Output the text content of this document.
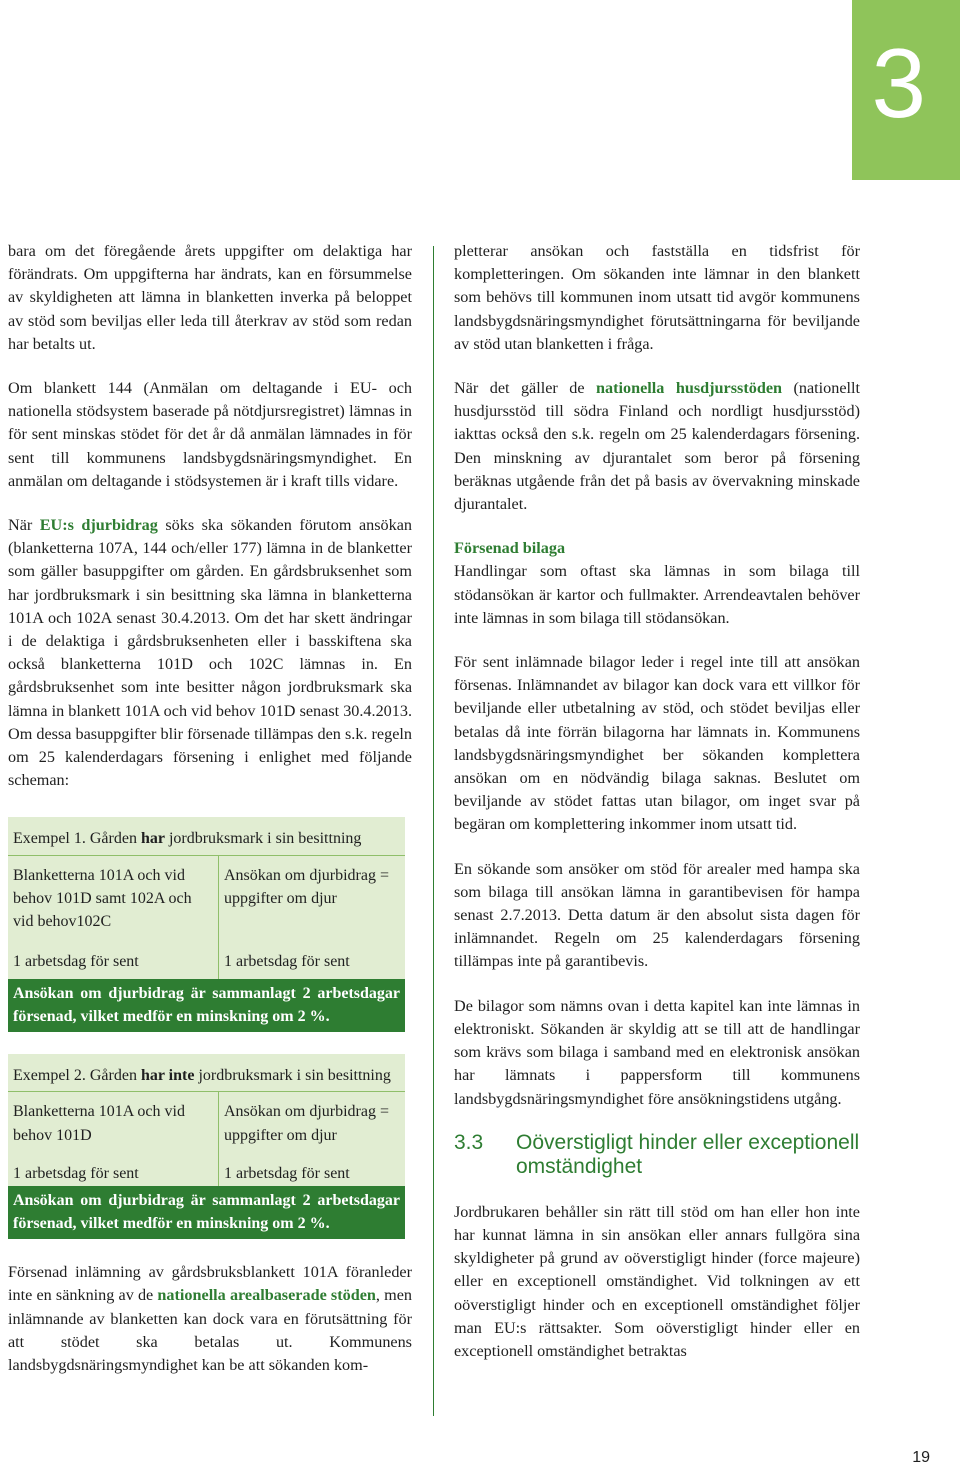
3

bara om det föregående årets uppgifter om delaktiga har förändrats. Om uppgifterna har ändrats, kan en försummelse av skyldigheten att lämna in blanketten inverka på beloppet av stöd som beviljas eller leda till återkrav av stöd som redan har betalts ut.

Om blankett 144 (Anmälan om deltagande i EU- och nationella stödsystem baserade på nötdjursregistret) lämnas in för sent minskas stödet för det år då anmälan lämnades in för sent till kommunens landsbygdsnäringsmyndighet. En anmälan om deltagande i stödsystemen är i kraft tills vidare.

När EU:s djurbidrag söks ska sökanden förutom ansökan (blanketterna 107A, 144 och/eller 177) lämna in de blanketter som gäller basuppgifter om gården. En gårdsbruksenhet som har jordbruksmark i sin besittning ska lämna in blanketterna 101A och 102A senast 30.4.2013. Om det har skett ändringar i de delaktiga i gårdsbruksenheten eller i basskiftena ska också blanketterna 101D och 102C lämnas in. En gårdsbruksenhet som inte besitter någon jordbruksmark ska lämna in blankett 101A och vid behov 101D senast 30.4.2013. Om dessa basuppgifter blir försenade tillämpas den s.k. regeln om 25 kalenderdagars försening i enlighet med följande scheman:

Exempel 1. Gården har jordbruksmark i sin besittning	
Blanketterna 101A och vid behov 101D samt 102A och vid behov102C	Ansökan om djurbidrag = uppgifter om djur
1 arbetsdag för sent	1 arbetsdag för sent
Ansökan om djurbidrag är sammanlagt 2 arbetsdagar försenad, vilket medför en minskning om 2 %.	
Exempel 2. Gården har inte jordbruksmark i sin besittning	
Blanketterna 101A och vid behov 101D	Ansökan om djurbidrag = uppgifter om djur
1 arbetsdag för sent	1 arbetsdag för sent
Ansökan om djurbidrag är sammanlagt 2 arbetsdagar försenad, vilket medför en minskning om 2 %.	

Försenad inlämning av gårdsbruksblankett 101A föranleder inte en sänkning av de nationella arealbaserade stöden, men inlämnande av blanketten kan dock vara en förutsättning för att stödet ska betalas ut. Kommunens landsbygdsnäringsmyndighet kan be att sökanden kom-

pletterar ansökan och fastställa en tidsfrist för kompletteringen. Om sökanden inte lämnar in den blankett som behövs till kommunen inom utsatt tid avgör kommunens landsbygdsnäringsmyndighet förutsättningarna för beviljande av stöd utan blanketten i fråga.

När det gäller de nationella husdjursstöden (nationellt husdjursstöd till södra Finland och nordligt husdjursstöd) iakttas också den s.k. regeln om 25 kalenderdagars försening. Den minskning av djurantalet som beror på försening beräknas utgående från det på basis av övervakning minskade djurantalet.

Försenad bilaga

Handlingar som oftast ska lämnas in som bilaga till stödansökan är kartor och fullmakter. Arrendeavtalen behöver inte lämnas in som bilaga till stödansökan.

För sent inlämnade bilagor leder i regel inte till att ansökan försenas. Inlämnandet av bilagor kan dock vara ett villkor för beviljande eller utbetalning av stöd, och stödet beviljas eller betalas då inte förrän bilagorna har lämnats in. Kommunens landsbygdsnäringsmyndighet ber sökanden komplettera ansökan om en nödvändig bilaga saknas. Beslutet om beviljande av stödet fattas utan bilagor, om inget svar på begäran om komplettering inkommer inom utsatt tid.

En sökande som ansöker om stöd för arealer med hampa ska som bilaga till ansökan lämna in garantibevisen för hampa senast 2.7.2013. Detta datum är den absolut sista dagen för inlämnandet. Regeln om 25 kalenderdagars försening tillämpas inte på garantibevis.

De bilagor som nämns ovan i detta kapitel kan inte lämnas in elektroniskt. Sökanden är skyldig att se till att de handlingar som krävs som bilaga i samband med en elektronisk ansökan har lämnats i pappersform till kommunens landsbygdsnäringsmyndighet före ansökningstidens utgång.

3.3	Oöverstigligt hinder eller exceptionell omständighet

Jordbrukaren behåller sin rätt till stöd om han eller hon inte har kunnat lämna in sin ansökan eller annars fullgöra sina skyldigheter på grund av oöverstigligt hinder (force majeure) eller en exceptionell omständighet. Vid tolkningen av ett oöverstigligt hinder och en exceptionell omständighet följer man EU:s rättsakter. Som oöverstigligt hinder eller en exceptionell omständighet betraktas

19
